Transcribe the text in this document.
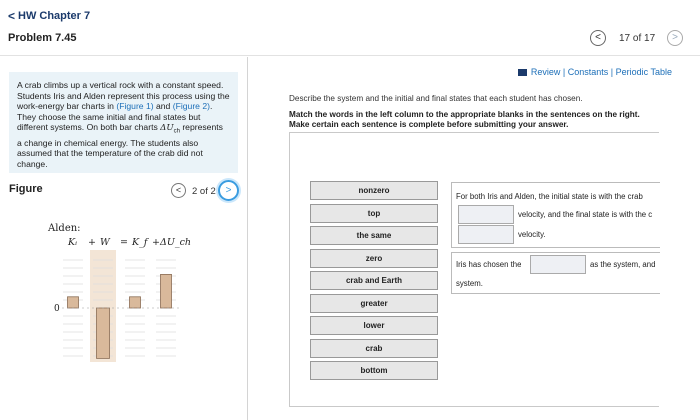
< HW Chapter 7
Problem 7.45	<	17 of 17	>
A crab climbs up a vertical rock with a constant speed. Students Iris and Alden represent this process using the work-energy bar charts in (Figure 1) and (Figure 2). They choose the same initial and final states but different systems. On both bar charts $\Delta U_{ch}$ represents a change in chemical energy. The students also assumed that the temperature of the crab did not change.
Figure	<	2 of 2 >
Alden:
Kᵢ + W = K_f +ΔU_ch
0
Review | Constants | Periodic Table
Describe the system and the initial and final states that each student has chosen.
Match the words in the left column to the appropriate blanks in the sentences on the right. Make certain each sentence is complete before submitting your answer.
nonzero
top
the same
zero
crab and Earth
greater
lower
crab
bottom
For both Iris and Alden, the initial state is with the crab
velocity, and the final state is with the c
velocity.
Iris has chosen the	as the system, and
system.
